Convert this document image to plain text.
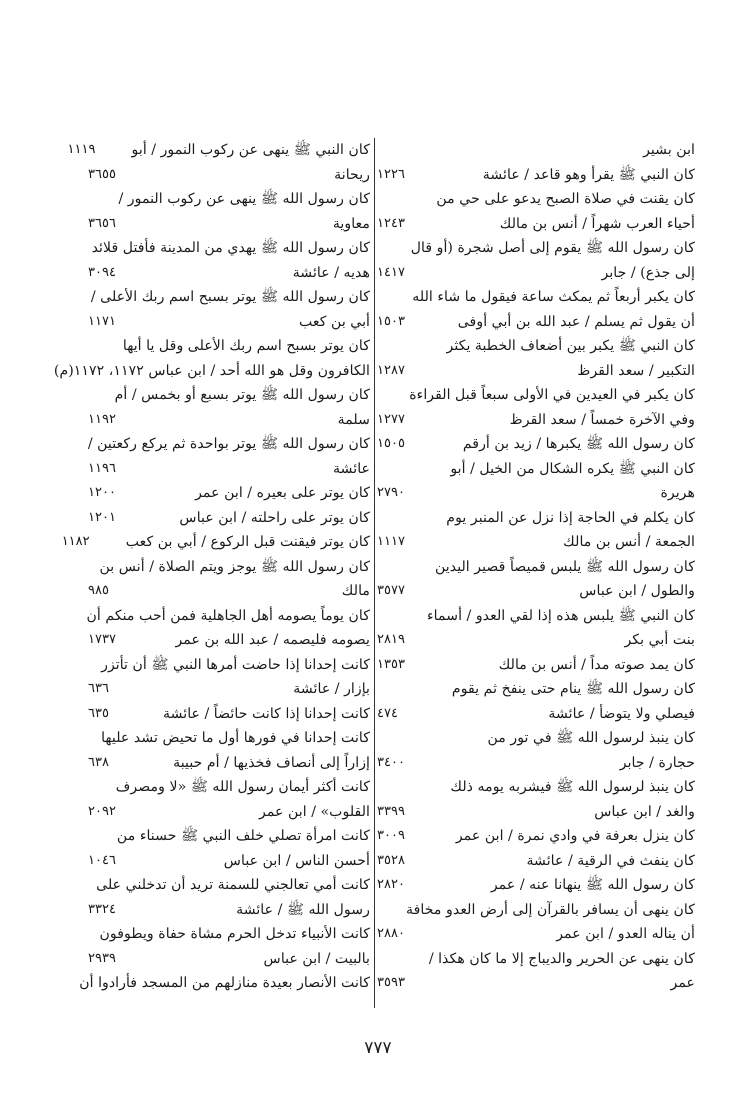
ابن بشير
كان النبي ﷺ يقرأ وهو قاعد / عائشة
١٢٢٦
كان يقنت في صلاة الصبح يدعو على حي من
أحياء العرب شهراً / أنس بن مالك
١٢٤٣
كان رسول الله ﷺ يقوم إلى أصل شجرة (أو قال
إلى جذع) / جابر
١٤١٧
كان يكبر أربعاً ثم يمكث ساعة فيقول ما شاء الله
أن يقول ثم يسلم / عبد الله بن أبي أوفى
١٥٠٣
كان النبي ﷺ يكبر بين أضعاف الخطبة يكثر
التكبير / سعد القرظ
١٢٨٧
كان يكبر في العيدين في الأولى سبعاً قبل القراءة
وفي الآخرة خمساً / سعد القرظ
١٢٧٧
كان رسول الله ﷺ يكبرها / زيد بن أرقم
١٥٠٥
كان النبي ﷺ يكره الشكال من الخيل / أبو
هريرة
٢٧٩٠
كان يكلم في الحاجة إذا نزل عن المنبر يوم
الجمعة / أنس بن مالك
١١١٧
كان رسول الله ﷺ يلبس قميصاً قصير اليدين
والطول / ابن عباس
٣٥٧٧
كان النبي ﷺ يلبس هذه إذا لقي العدو / أسماء
بنت أبي بكر
٢٨١٩
كان يمد صوته مداً / أنس بن مالك
١٣٥٣
كان رسول الله ﷺ ينام حتى ينفخ ثم يقوم
فيصلي ولا يتوضأ / عائشة
٤٧٤
كان ينبذ لرسول الله ﷺ في تور من
حجارة / جابر
٣٤٠٠
كان ينبذ لرسول الله ﷺ فيشربه يومه ذلك
والغد / ابن عباس
٣٣٩٩
كان ينزل بعرفة في وادي نمرة / ابن عمر
٣٠٠٩
كان ينفث في الرقية / عائشة
٣٥٢٨
كان رسول الله ﷺ ينهانا عنه / عمر
٢٨٢٠
كان ينهى أن يسافر بالقرآن إلى أرض العدو مخافة
أن يناله العدو / ابن عمر
٢٨٨٠
كان ينهى عن الحرير والديباج إلا ما كان هكذا /
عمر
٣٥٩٣
كان النبي ﷺ ينهى عن ركوب النمور / أبو
١١١٩
ريحانة
٣٦٥٥
كان رسول الله ﷺ ينهى عن ركوب النمور /
معاوية
٣٦٥٦
كان رسول الله ﷺ يهدي من المدينة فأفتل قلائد
هديه / عائشة
٣٠٩٤
كان رسول الله ﷺ يوتر بسبح اسم ربك الأعلى /
أبي بن كعب
١١٧١
كان يوتر بسبح اسم ربك الأعلى وقل يا أيها
الكافرون وقل هو الله أحد / ابن عباس ١١٧٢، ١١٧٢(م)
كان رسول الله ﷺ يوتر بسبع أو بخمس / أم
سلمة
١١٩٢
كان رسول الله ﷺ يوتر بواحدة ثم يركع ركعتين /
عائشة
١١٩٦
كان يوتر على بعيره / ابن عمر
١٢٠٠
كان يوتر على راحلته / ابن عباس
١٢٠١
كان يوتر فيقنت قبل الركوع / أبي بن كعب
١١٨٢
كان رسول الله ﷺ يوجز ويتم الصلاة / أنس بن
مالك
٩٨٥
كان يوماً يصومه أهل الجاهلية فمن أحب منكم أن
يصومه فليصمه / عبد الله بن عمر
١٧٣٧
كانت إحدانا إذا حاضت أمرها النبي ﷺ أن تأتزر
بإزار / عائشة
٦٣٦
كانت إحدانا إذا كانت حائضاً / عائشة
٦٣٥
كانت إحدانا في فورها أول ما تحيض تشد عليها
إزاراً إلى أنصاف فخذيها / أم حبيبة
٦٣٨
كانت أكثر أيمان رسول الله ﷺ «لا ومصرف
القلوب» / ابن عمر
٢٠٩٢
كانت امرأة تصلي خلف النبي ﷺ حسناء من
أحسن الناس / ابن عباس
١٠٤٦
كانت أمي تعالجني للسمنة تريد أن تدخلني على
رسول الله ﷺ / عائشة
٣٣٢٤
كانت الأنبياء تدخل الحرم مشاة حفاة ويطوفون
بالبيت / ابن عباس
٢٩٣٩
كانت الأنصار بعيدة منازلهم من المسجد فأرادوا أن
٧٧٧
